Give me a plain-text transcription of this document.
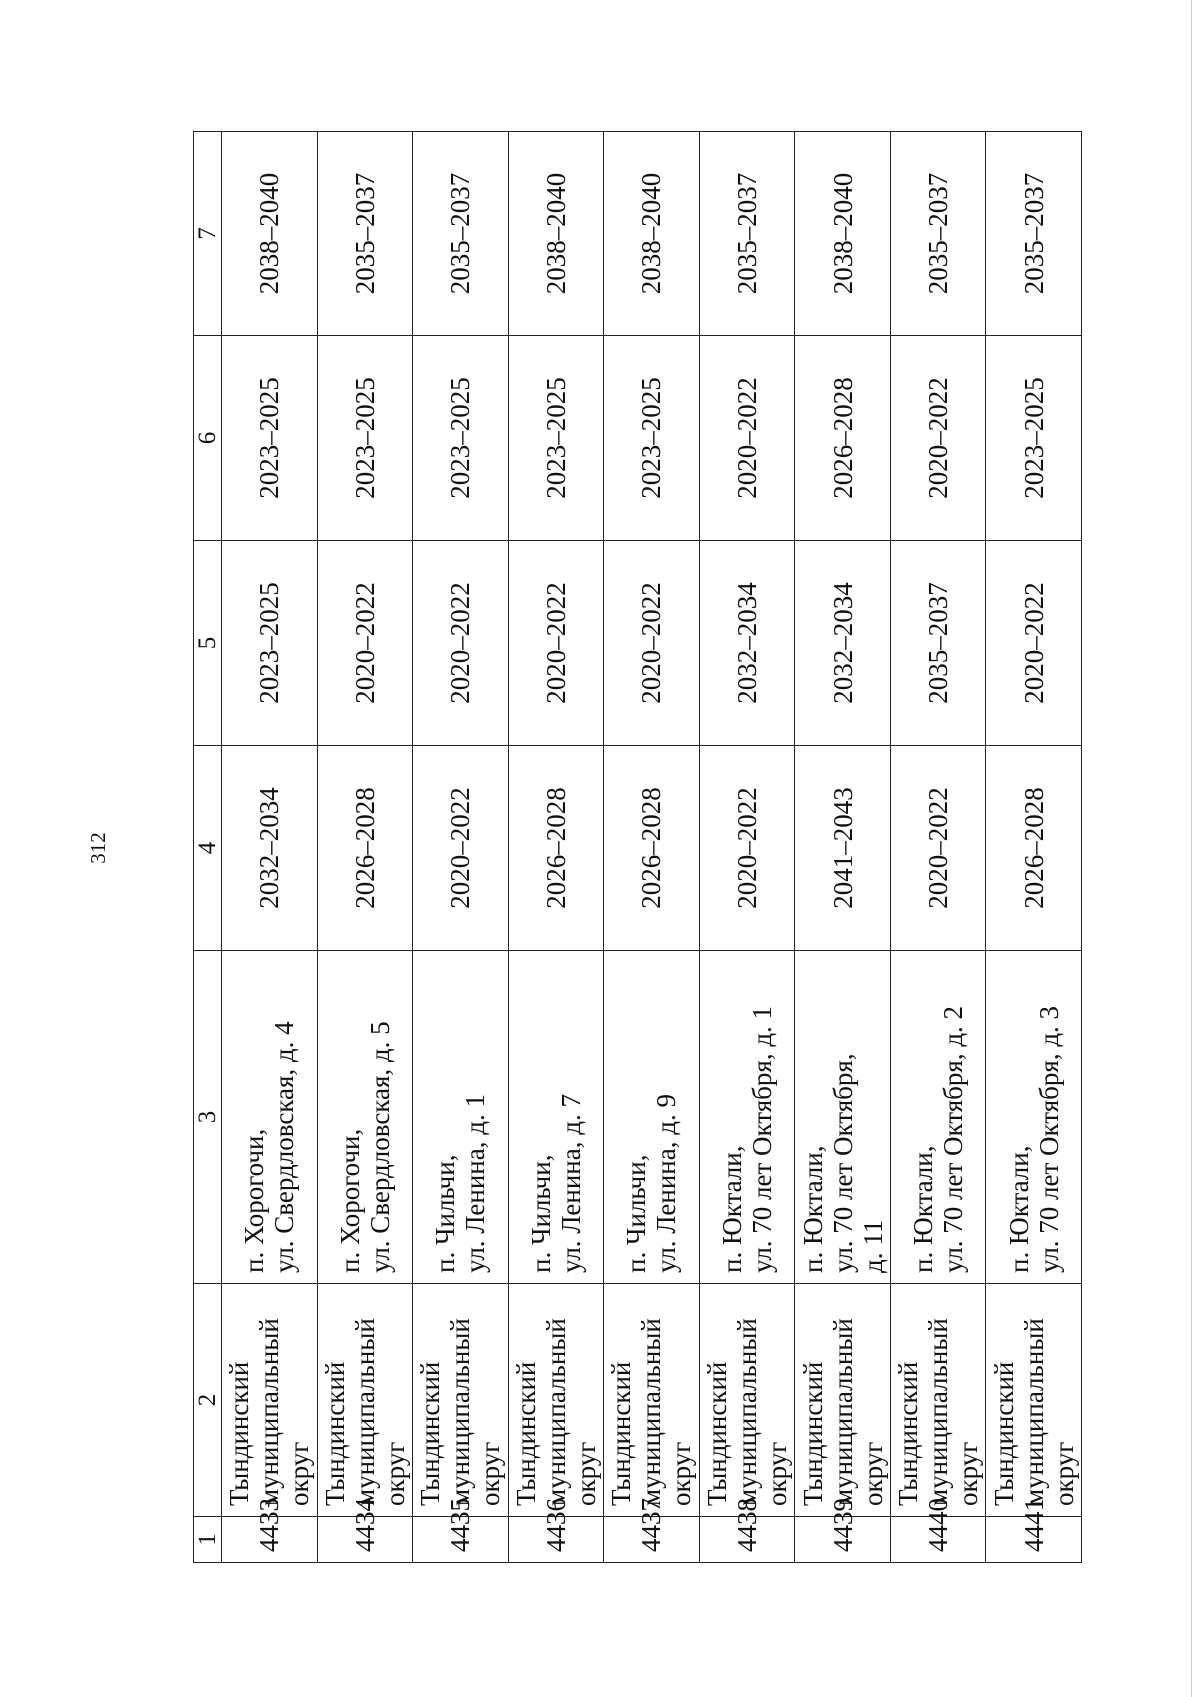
312
1	2	3	4	5	6	7
4433	Тындинский муниципальный округ	п. Хорогочи, ул. Свердловская, д. 4	2032–2034	2023–2025	2023–2025	2038–2040
4434	Тындинский муниципальный округ	п. Хорогочи, ул. Свердловская, д. 5	2026–2028	2020–2022	2023–2025	2035–2037
4435	Тындинский муниципальный округ	п. Чильчи, ул. Ленина, д. 1	2020–2022	2020–2022	2023–2025	2035–2037
4436	Тындинский муниципальный округ	п. Чильчи, ул. Ленина, д. 7	2026–2028	2020–2022	2023–2025	2038–2040
4437	Тындинский муниципальный округ	п. Чильчи, ул. Ленина, д. 9	2026–2028	2020–2022	2023–2025	2038–2040
4438	Тындинский муниципальный округ	п. Юктали, ул. 70 лет Октября, д. 1	2020–2022	2032–2034	2020–2022	2035–2037
4439	Тындинский муниципальный округ	п. Юктали, ул. 70 лет Октября, д. 11	2041–2043	2032–2034	2026–2028	2038–2040
4440	Тындинский муниципальный округ	п. Юктали, ул. 70 лет Октября, д. 2	2020–2022	2035–2037	2020–2022	2035–2037
4441	Тындинский муниципальный округ	п. Юктали, ул. 70 лет Октября, д. 3	2026–2028	2020–2022	2023–2025	2035–2037
